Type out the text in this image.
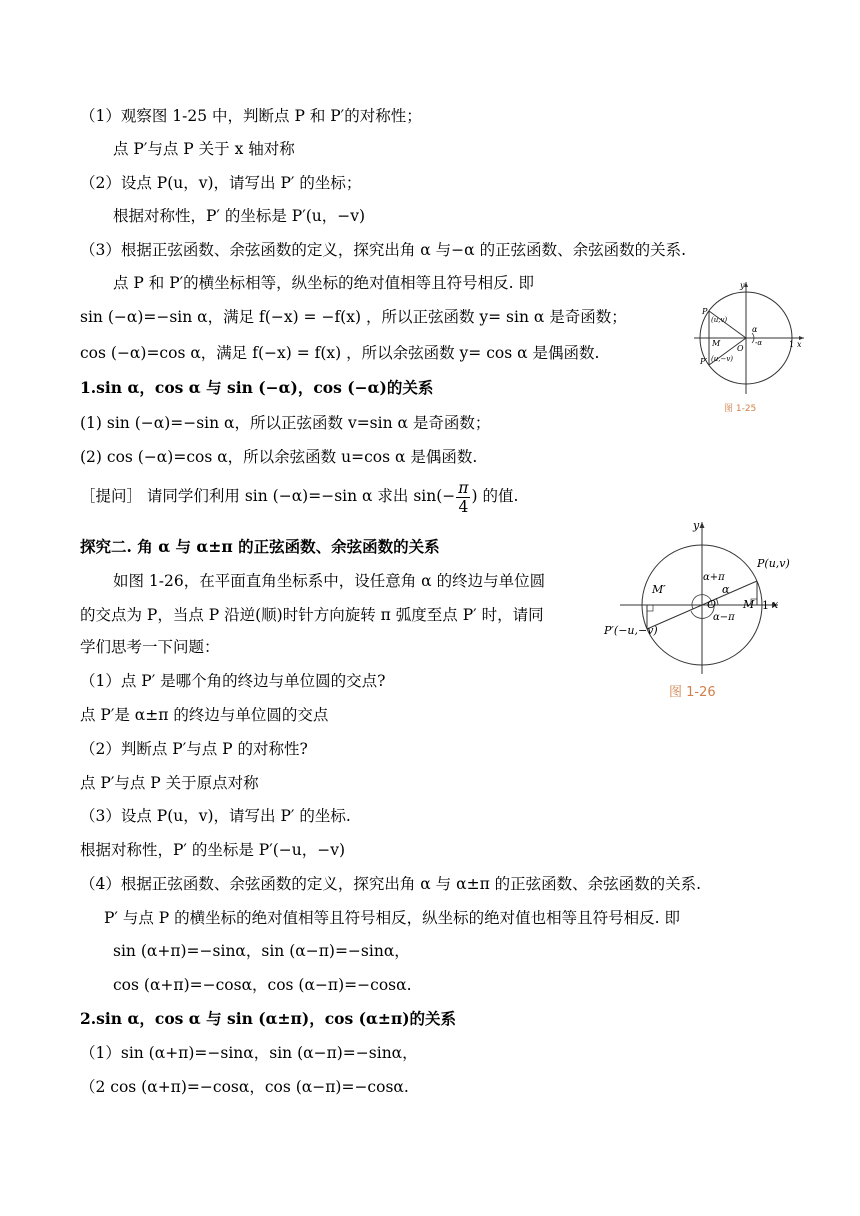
（1）观察图 1-25 中，判断点 P 和 P′的对称性；
点 P′与点 P 关于 x 轴对称
（2）设点 P(u，v)，请写出 P′ 的坐标；
根据对称性，P′ 的坐标是 P′(u，−v)
（3）根据正弦函数、余弦函数的定义，探究出角 α 与−α 的正弦函数、余弦函数的关系.
点 P 和 P′的横坐标相等，纵坐标的绝对值相等且符号相反. 即
sin (−α)=−sin α，满足 f(−x) = −f(x) ，所以正弦函数 y= sin α 是奇函数；
cos (−α)=cos α，满足 f(−x) = f(x) ，所以余弦函数 y= cos α 是偶函数.
1.sin α，cos α 与 sin (−α)，cos (−α)的关系
(1) sin (−α)=−sin α，所以正弦函数 v=sin α 是奇函数；
(2) cos (−α)=cos α，所以余弦函数 u=cos α 是偶函数.
［提问］ 请同学们利用 sin (−α)=−sin α 求出 $\sin(- \frac{\pi}{4}$ ) 的值.
探究二. 角 α 与 α±π 的正弦函数、余弦函数的关系
如图 1-26，在平面直角坐标系中，设任意角 α 的终边与单位圆
的交点为 P，当点 P 沿逆(顺)时针方向旋转 π 弧度至点 P′ 时，请同
学们思考一下问题：
（1）点 P′ 是哪个角的终边与单位圆的交点?
点 P′是 α±π 的终边与单位圆的交点
（2）判断点 P′与点 P 的对称性?
点 P′与点 P 关于原点对称
（3）设点 P(u，v)，请写出 P′ 的坐标.
根据对称性，P′ 的坐标是 P′(−u，−v)
（4）根据正弦函数、余弦函数的定义，探究出角 α 与 α±π 的正弦函数、余弦函数的关系.
P′ 与点 P 的横坐标的绝对值相等且符号相反，纵坐标的绝对值也相等且符号相反. 即
sin (α+π)=−sinα，sin (α−π)=−sinα，
cos (α+π)=−cosα，cos (α−π)=−cosα.
2.sin α，cos α 与 sin (α±π)，cos (α±π)的关系
（1）sin (α+π)=−sinα，sin (α−π)=−sinα，
（2 cos (α+π)=−cosα，cos (α−π)=−cosα.
y
x
1
P
(u,v)
M
O
α
-α
P′ (u,−v)
图 1-25
y
x
1
P(u,v)
P′(−u,−v)
M′
M
O
α
α+π
α−π
图 1-26
